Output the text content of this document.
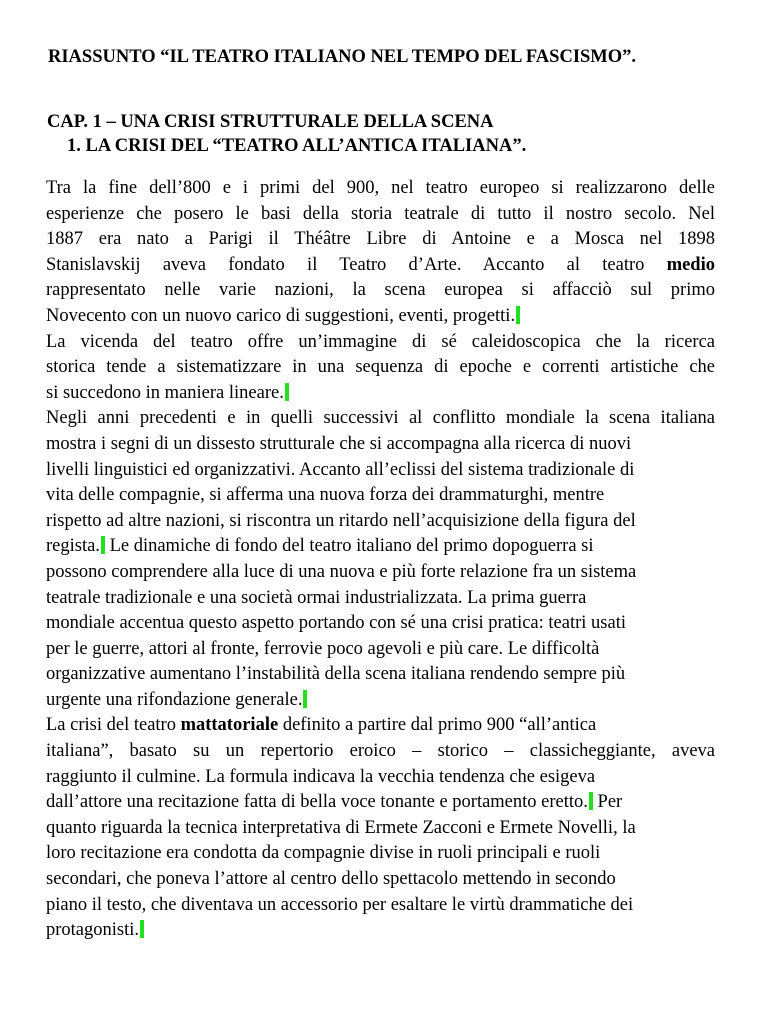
RIASSUNTO “IL TEATRO ITALIANO NEL TEMPO DEL FASCISMO”.
CAP. 1 – UNA CRISI STRUTTURALE DELLA SCENA
1. LA CRISI DEL “TEATRO ALL’ANTICA ITALIANA”.
Tra la fine dell’800 e i primi del 900, nel teatro europeo si realizzarono delle
esperienze che posero le basi della storia teatrale di tutto il nostro secolo. Nel
1887 era nato a Parigi il Théâtre Libre di Antoine e a Mosca nel 1898
Stanislavskij aveva fondato il Teatro d’Arte. Accanto al teatro medio
rappresentato nelle varie nazioni, la scena europea si affacciò sul primo
Novecento con un nuovo carico di suggestioni, eventi, progetti.
La vicenda del teatro offre un’immagine di sé caleidoscopica che la ricerca
storica tende a sistematizzare in una sequenza di epoche e correnti artistiche che
si succedono in maniera lineare.
Negli anni precedenti e in quelli successivi al conflitto mondiale la scena italiana
mostra i segni di un dissesto strutturale che si accompagna alla ricerca di nuovi
livelli linguistici ed organizzativi. Accanto all’eclissi del sistema tradizionale di
vita delle compagnie, si afferma una nuova forza dei drammaturghi, mentre
rispetto ad altre nazioni, si riscontra un ritardo nell’acquisizione della figura del
regista. Le dinamiche di fondo del teatro italiano del primo dopoguerra si
possono comprendere alla luce di una nuova e più forte relazione fra un sistema
teatrale tradizionale e una società ormai industrializzata. La prima guerra
mondiale accentua questo aspetto portando con sé una crisi pratica: teatri usati
per le guerre, attori al fronte, ferrovie poco agevoli e più care. Le difficoltà
organizzative aumentano l’instabilità della scena italiana rendendo sempre più
urgente una rifondazione generale.
La crisi del teatro mattatoriale definito a partire dal primo 900 “all’antica
italiana”, basato su un repertorio eroico – storico – classicheggiante, aveva
raggiunto il culmine. La formula indicava la vecchia tendenza che esigeva
dall’attore una recitazione fatta di bella voce tonante e portamento eretto. Per
quanto riguarda la tecnica interpretativa di Ermete Zacconi e Ermete Novelli, la
loro recitazione era condotta da compagnie divise in ruoli principali e ruoli
secondari, che poneva l’attore al centro dello spettacolo mettendo in secondo
piano il testo, che diventava un accessorio per esaltare le virtù drammatiche dei
protagonisti.
